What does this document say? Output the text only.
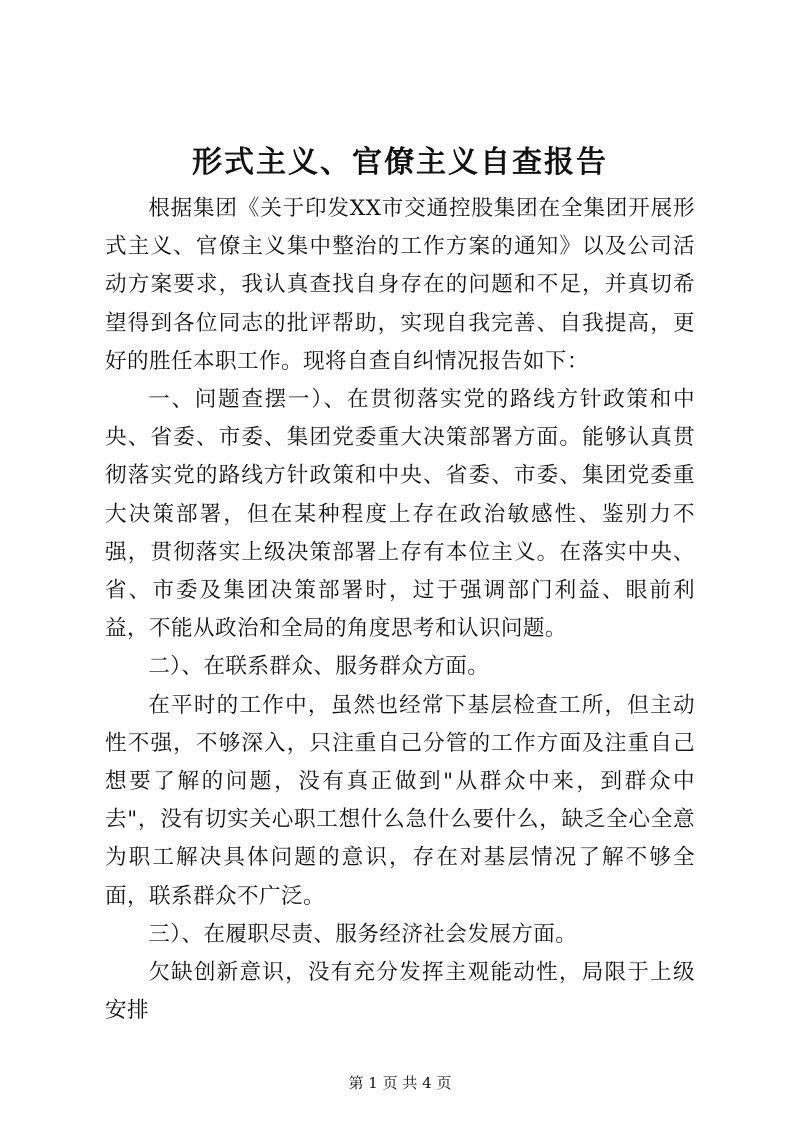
形式主义、官僚主义自查报告

根据集团《关于印发XX市交通控股集团在全集团开展形式主义、官僚主义集中整治的工作方案的通知》以及公司活动方案要求，我认真查找自身存在的问题和不足，并真切希望得到各位同志的批评帮助，实现自我完善、自我提高，更好的胜任本职工作。现将自查自纠情况报告如下：

一、问题查摆一）、在贯彻落实党的路线方针政策和中央、省委、市委、集团党委重大决策部署方面。能够认真贯彻落实党的路线方针政策和中央、省委、市委、集团党委重大决策部署，但在某种程度上存在政治敏感性、鉴别力不强，贯彻落实上级决策部署上存有本位主义。在落实中央、省、市委及集团决策部署时，过于强调部门利益、眼前利益，不能从政治和全局的角度思考和认识问题。

二）、在联系群众、服务群众方面。

在平时的工作中，虽然也经常下基层检查工所，但主动性不强，不够深入，只注重自己分管的工作方面及注重自己想要了解的问题，没有真正做到"从群众中来，到群众中去"，没有切实关心职工想什么急什么要什么，缺乏全心全意为职工解决具体问题的意识，存在对基层情况了解不够全面，联系群众不广泛。

三）、在履职尽责、服务经济社会发展方面。

欠缺创新意识，没有充分发挥主观能动性，局限于上级安排

第 1 页 共 4 页
